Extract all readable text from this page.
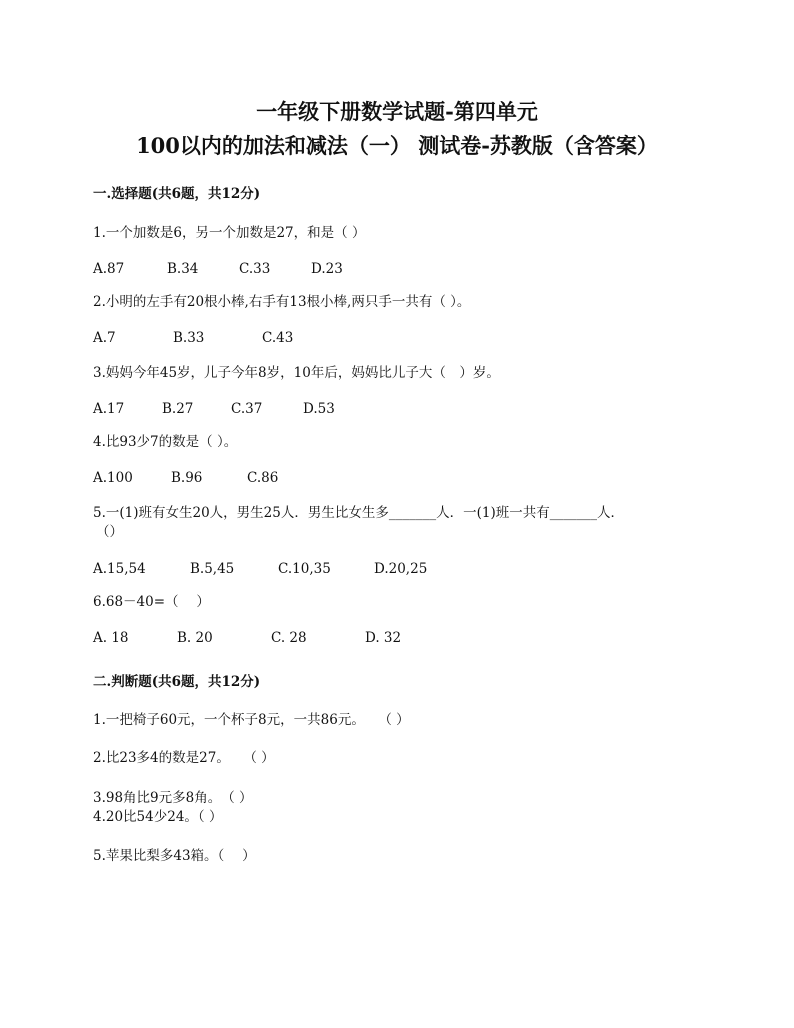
一年级下册数学试题-第四单元
100以内的加法和减法（一） 测试卷-苏教版（含答案）
一.选择题(共6题，共12分)
1.一个加数是6，另一个加数是27，和是（ ）
A.87	B.34	C.33	D.23
2.小明的左手有20根小棒,右手有13根小棒,两只手一共有（ ）。
A.7	B.33	C.43
3.妈妈今年45岁，儿子今年8岁，10年后，妈妈比儿子大（　）岁。
A.17	B.27	C.37	D.53
4.比93少7的数是（ ）。
A.100	B.96	C.86
5.一(1)班有女生20人，男生25人．男生比女生多_______人．一(1)班一共有_______人．
（）
A.15,54	B.5,45	C.10,35	D.20,25
6.68－40=（　 ）
A. 18	B. 20	C. 28	D. 32
二.判断题(共6题，共12分)
1.一把椅子60元，一个杯子8元，一共86元。　　（ ）
2.比23多4的数是27。　　（ ）
3.98角比9元多8角。　（ ）
4.20比54少24。（ ）
5.苹果比梨多43箱。（　 ）
